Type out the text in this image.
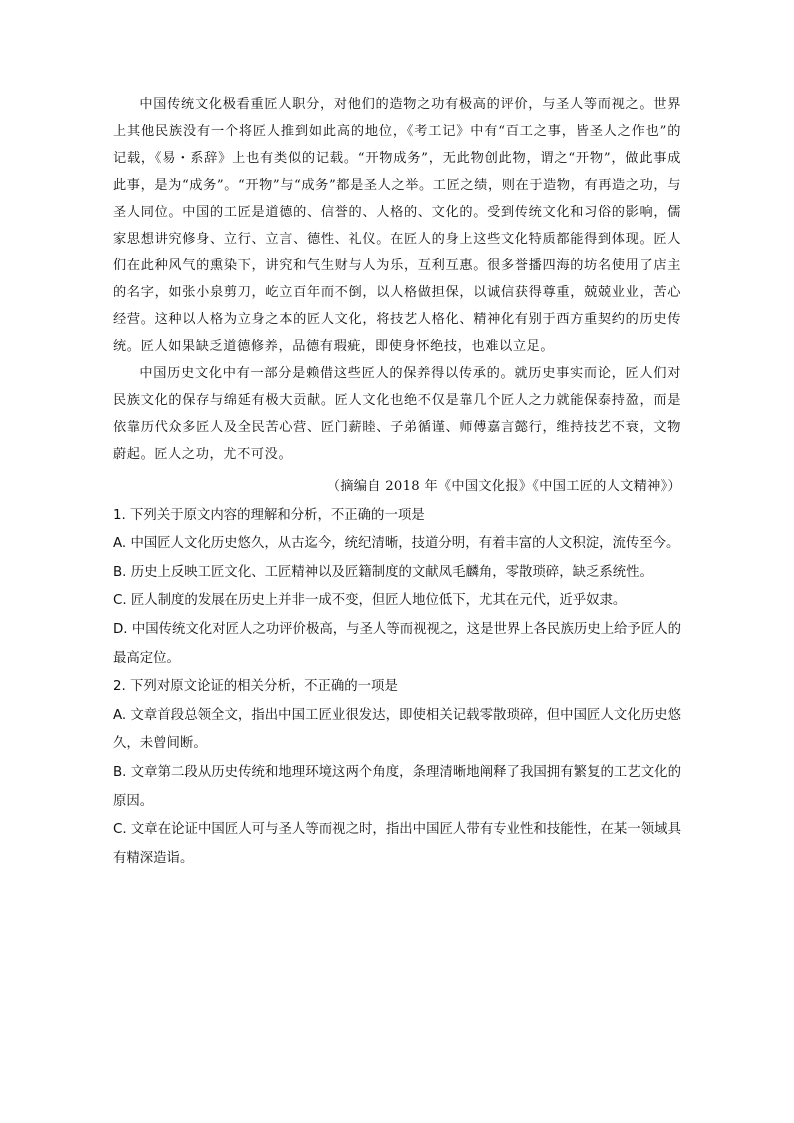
中国传统文化极看重匠人职分，对他们的造物之功有极高的评价，与圣人等而视之。世界上其他民族没有一个将匠人推到如此高的地位，《考工记》中有“百工之事，皆圣人之作也”的记载，《易・系辞》上也有类似的记载。“开物成务”，无此物创此物，谓之“开物”，做此事成此事，是为“成务”。“开物”与“成务”都是圣人之举。工匠之绩，则在于造物，有再造之功，与圣人同位。中国的工匠是道德的、信誉的、人格的、文化的。受到传统文化和习俗的影响，儒家思想讲究修身、立行、立言、德性、礼仪。在匠人的身上这些文化特质都能得到体现。匠人们在此种风气的熏染下，讲究和气生财与人为乐，互利互惠。很多誉播四海的坊名使用了店主的名字，如张小泉剪刀，屹立百年而不倒，以人格做担保，以诚信获得尊重，兢兢业业，苦心经营。这种以人格为立身之本的匠人文化，将技艺人格化、精神化有别于西方重契约的历史传统。匠人如果缺乏道德修养，品德有瑕疵，即使身怀绝技，也难以立足。

中国历史文化中有一部分是赖借这些匠人的保养得以传承的。就历史事实而论，匠人们对民族文化的保存与绵延有极大贡献。匠人文化也绝不仅是靠几个匠人之力就能保泰持盈，而是依靠历代众多匠人及全民苦心营、匠门薪睦、子弟循谨、师傅嘉言懿行，维持技艺不衰，文物蔚起。匠人之功，尤不可没。

（摘编自 2018 年《中国文化报》《中国工匠的人文精神》）

1. 下列关于原文内容的理解和分析，不正确的一项是

A. 中国匠人文化历史悠久，从古迄今，统纪清晰，技道分明，有着丰富的人文积淀，流传至今。

B. 历史上反映工匠文化、工匠精神以及匠籍制度的文献凤毛麟角，零散琐碎，缺乏系统性。

C. 匠人制度的发展在历史上并非一成不变，但匠人地位低下，尤其在元代，近乎奴隶。

D. 中国传统文化对匠人之功评价极高，与圣人等而视视之，这是世界上各民族历史上给予匠人的最高定位。

2. 下列对原文论证的相关分析，不正确的一项是

A. 文章首段总领全文，指出中国工匠业很发达，即使相关记载零散琐碎，但中国匠人文化历史悠久，未曾间断。

B. 文章第二段从历史传统和地理环境这两个角度，条理清晰地阐释了我国拥有繁复的工艺文化的原因。

C. 文章在论证中国匠人可与圣人等而视之时，指出中国匠人带有专业性和技能性，在某一领域具有精深造诣。
